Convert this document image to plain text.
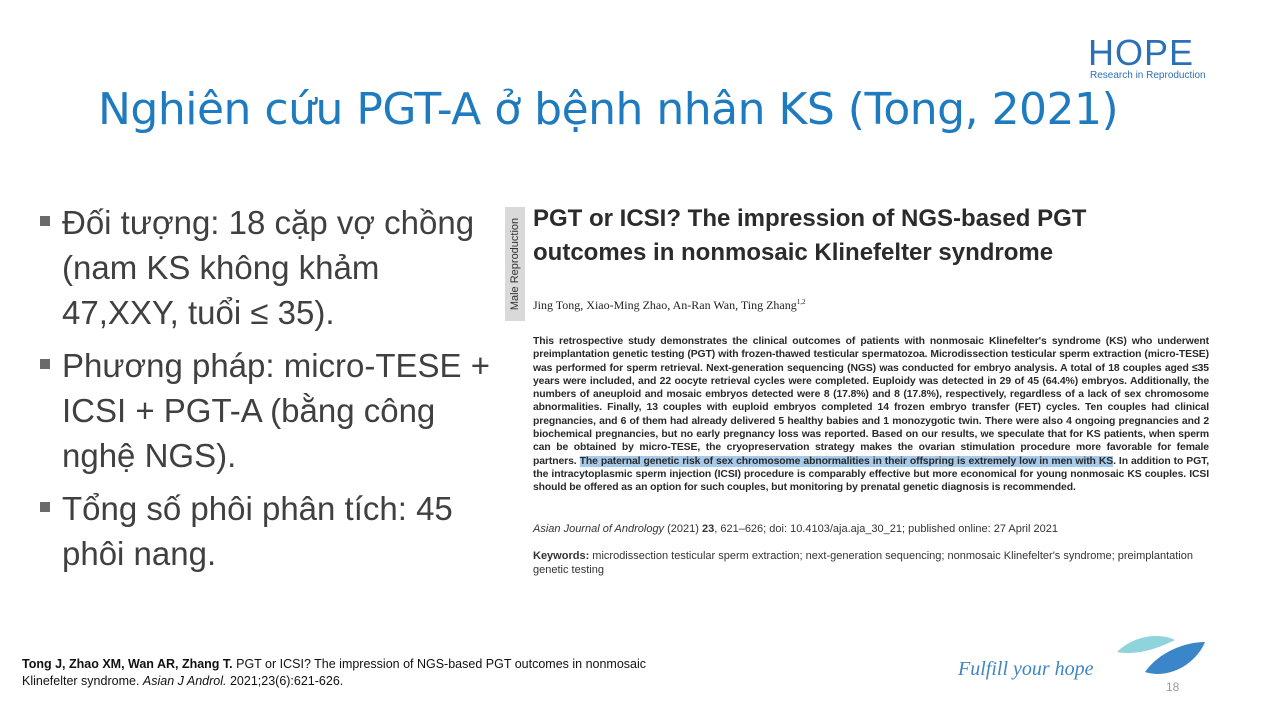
HOPE
Research in Reproduction
Nghiên cứu PGT-A ở bệnh nhân KS (Tong, 2021)
Đối tượng: 18 cặp vợ chồng (nam KS không khảm 47,XXY, tuổi ≤ 35).
Phương pháp: micro-TESE + ICSI + PGT-A (bằng công nghệ NGS).
Tổng số phôi phân tích: 45 phôi nang.
Male Reproduction PGT or ICSI? The impression of NGS-based PGT
outcomes in nonmosaic Klinefelter syndrome
Jing Tong, Xiao-Ming Zhao, An-Ran Wan, Ting Zhang$^{1,2}$
This retrospective study demonstrates the clinical outcomes of patients with nonmosaic Klinefelter's syndrome (KS) who underwent preimplantation genetic testing (PGT) with frozen-thawed testicular spermatozoa. Microdissection testicular sperm extraction (micro-TESE) was performed for sperm retrieval. Next-generation sequencing (NGS) was conducted for embryo analysis. A total of 18 couples aged ≤35 years were included, and 22 oocyte retrieval cycles were completed. Euploidy was detected in 29 of 45 (64.4%) embryos. Additionally, the numbers of aneuploid and mosaic embryos detected were 8 (17.8%) and 8 (17.8%), respectively, regardless of a lack of sex chromosome abnormalities. Finally, 13 couples with euploid embryos completed 14 frozen embryo transfer (FET) cycles. Ten couples had clinical pregnancies, and 6 of them had already delivered 5 healthy babies and 1 monozygotic twin. There were also 4 ongoing pregnancies and 2 biochemical pregnancies, but no early pregnancy loss was reported. Based on our results, we speculate that for KS patients, when sperm can be obtained by micro-TESE, the cryopreservation strategy makes the ovarian stimulation procedure more favorable for female partners. The paternal genetic risk of sex chromosome abnormalities in their offspring is extremely low in men with KS. In addition to PGT, the intracytoplasmic sperm injection (ICSI) procedure is comparably effective but more economical for young nonmosaic KS couples. ICSI should be offered as an option for such couples, but monitoring by prenatal genetic diagnosis is recommended.
Asian Journal of Andrology (2021) 23, 621–626; doi: 10.4103/aja.aja_30_21; published online: 27 April 2021
Keywords: microdissection testicular sperm extraction; next-generation sequencing; nonmosaic Klinefelter's syndrome; preimplantation genetic testing
Tong J, Zhao XM, Wan AR, Zhang T. PGT or ICSI? The impression of NGS-based PGT outcomes in nonmosaic Klinefelter syndrome. Asian J Androl. 2021;23(6):621-626.
Fulfill your hope
18
